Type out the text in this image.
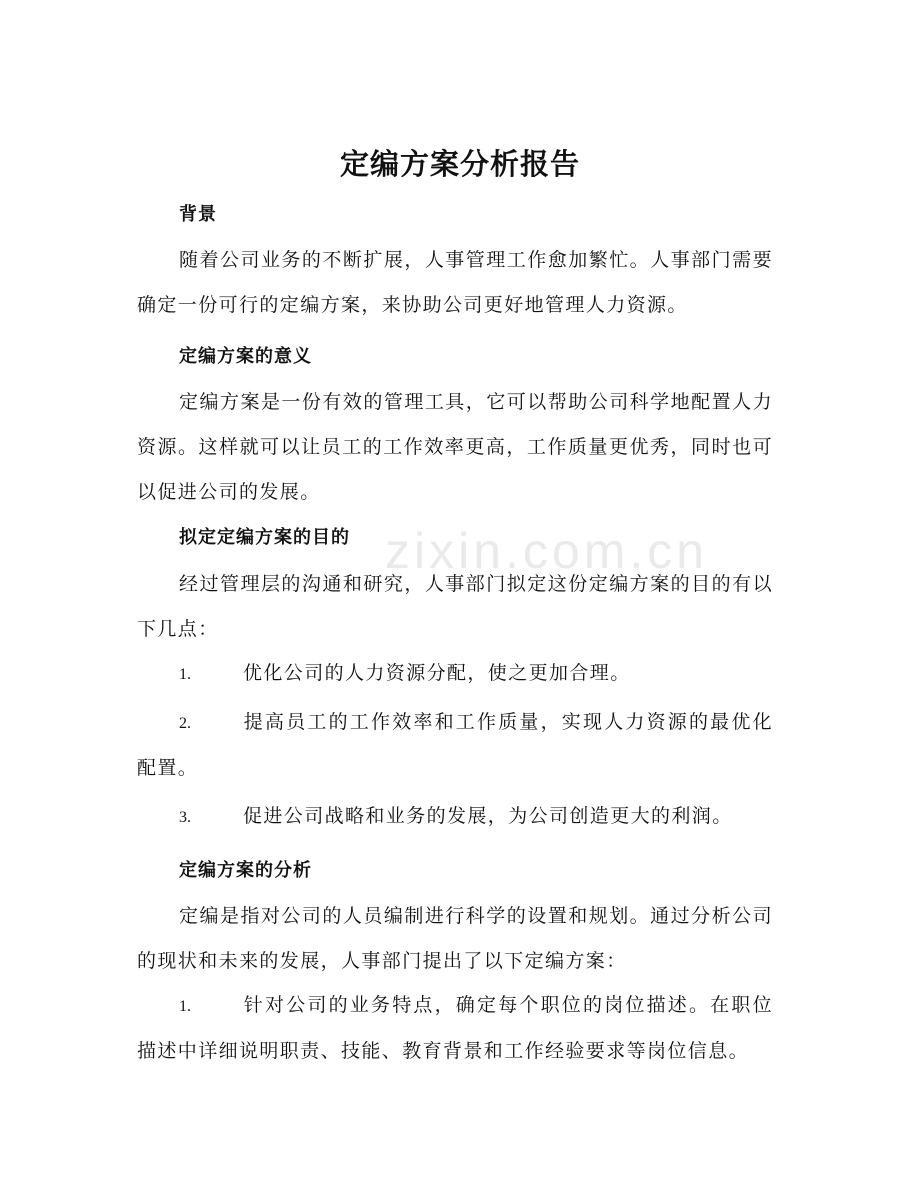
zixin.com.cn
定编方案分析报告
背景
随着公司业务的不断扩展，人事管理工作愈加繁忙。人事部门需要确定一份可行的定编方案，来协助公司更好地管理人力资源。
定编方案的意义
定编方案是一份有效的管理工具，它可以帮助公司科学地配置人力资源。这样就可以让员工的工作效率更高，工作质量更优秀，同时也可以促进公司的发展。
拟定定编方案的目的
经过管理层的沟通和研究，人事部门拟定这份定编方案的目的有以下几点：
1.	优化公司的人力资源分配，使之更加合理。
2.	提高员工的工作效率和工作质量，实现人力资源的最优化配置。
3.	促进公司战略和业务的发展，为公司创造更大的利润。
定编方案的分析
定编是指对公司的人员编制进行科学的设置和规划。通过分析公司的现状和未来的发展，人事部门提出了以下定编方案：
1.	针对公司的业务特点，确定每个职位的岗位描述。在职位描述中详细说明职责、技能、教育背景和工作经验要求等岗位信息。
